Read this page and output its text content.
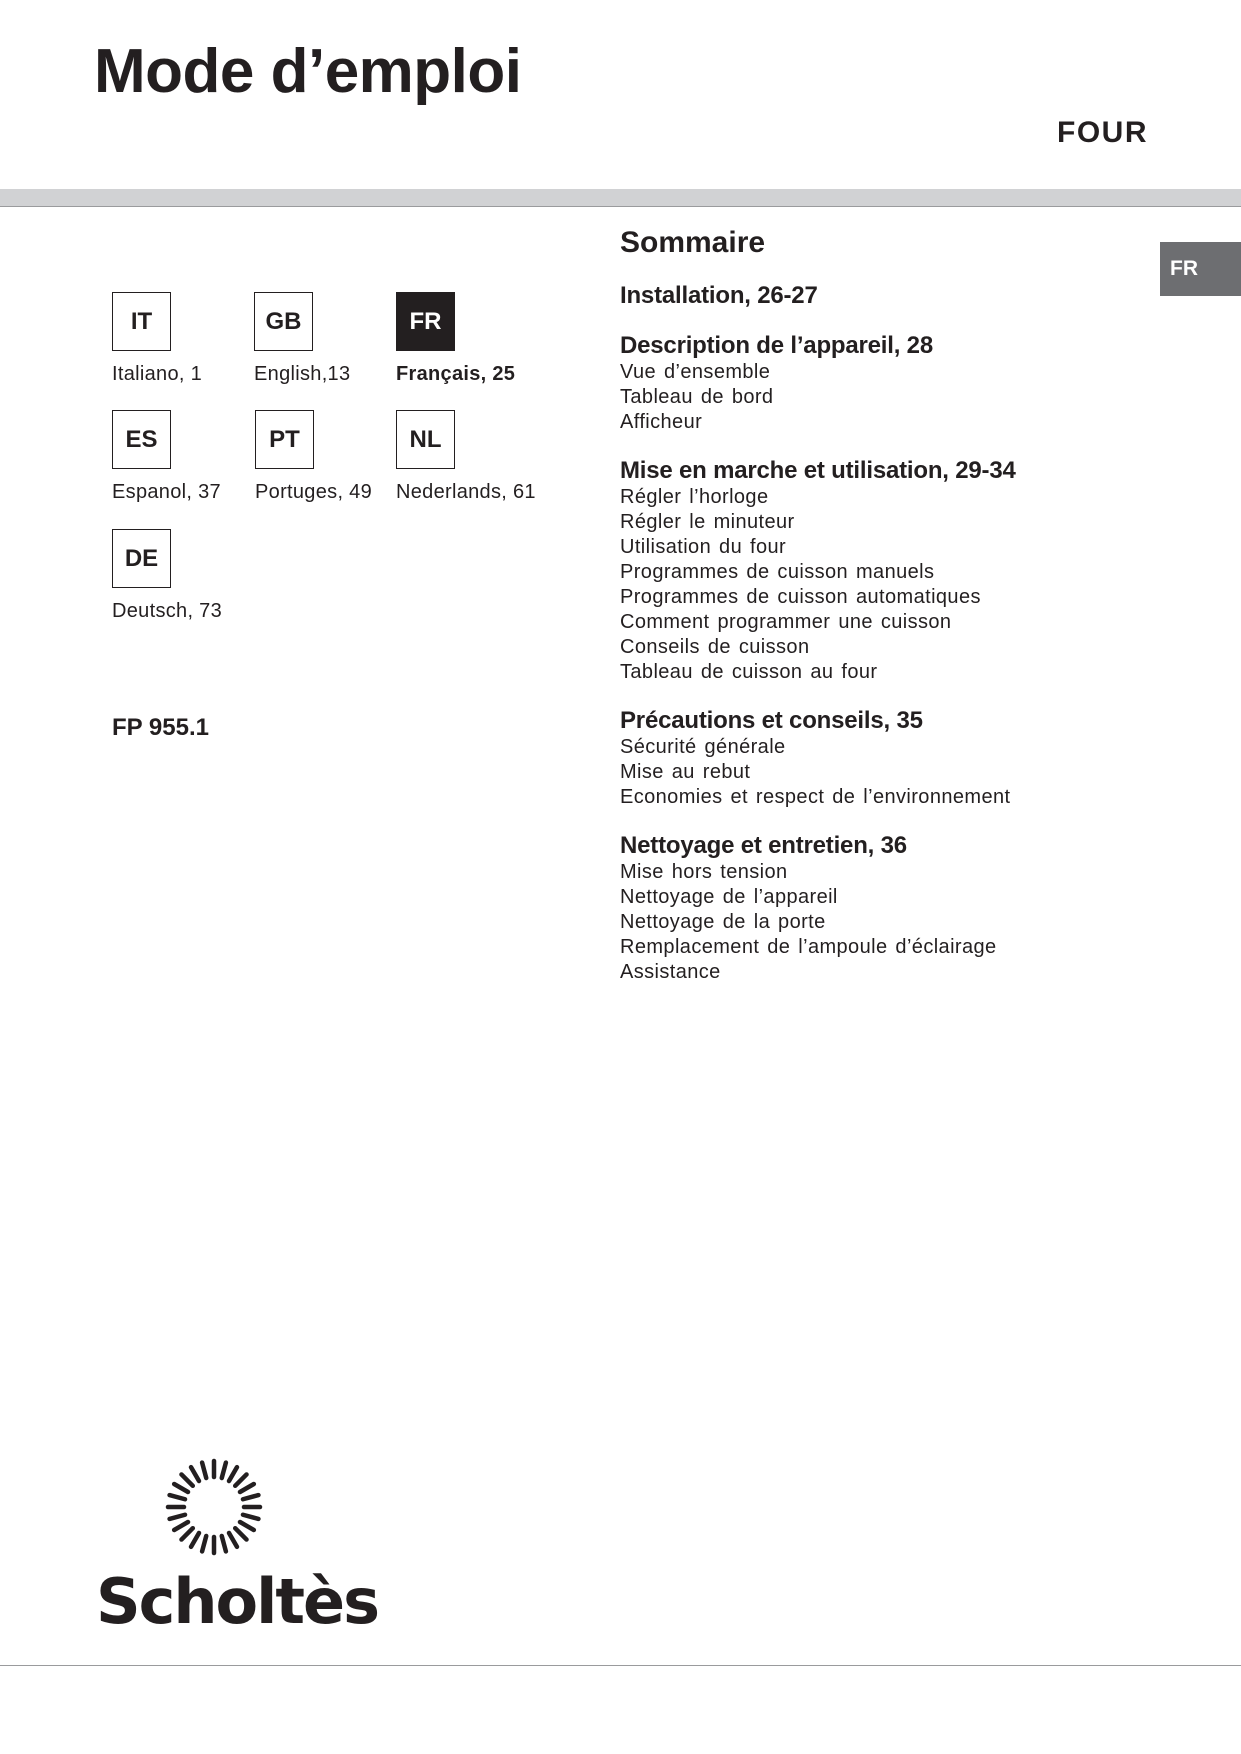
Mode d’emploi
FOUR
FR
IT
Italiano, 1
GB
English,13
FR
Français, 25
ES
Espanol, 37
PT
Portuges, 49
NL
Nederlands, 61
DE
Deutsch, 73
FP 955.1
Sommaire
Installation, 26-27
Description de l’appareil, 28
Vue d’ensemble
Tableau de bord
Afficheur
Mise en marche et utilisation, 29-34
Régler l’horloge
Régler le minuteur
Utilisation du four
Programmes de cuisson manuels
Programmes de cuisson automatiques
Comment programmer une cuisson
Conseils de cuisson
Tableau de cuisson au four
Précautions et conseils, 35
Sécurité générale
Mise au rebut
Economies et respect de l’environnement
Nettoyage et entretien, 36
Mise hors tension
Nettoyage de l’appareil
Nettoyage de la porte
Remplacement de l’ampoule d’éclairage
Assistance
Scholtès
